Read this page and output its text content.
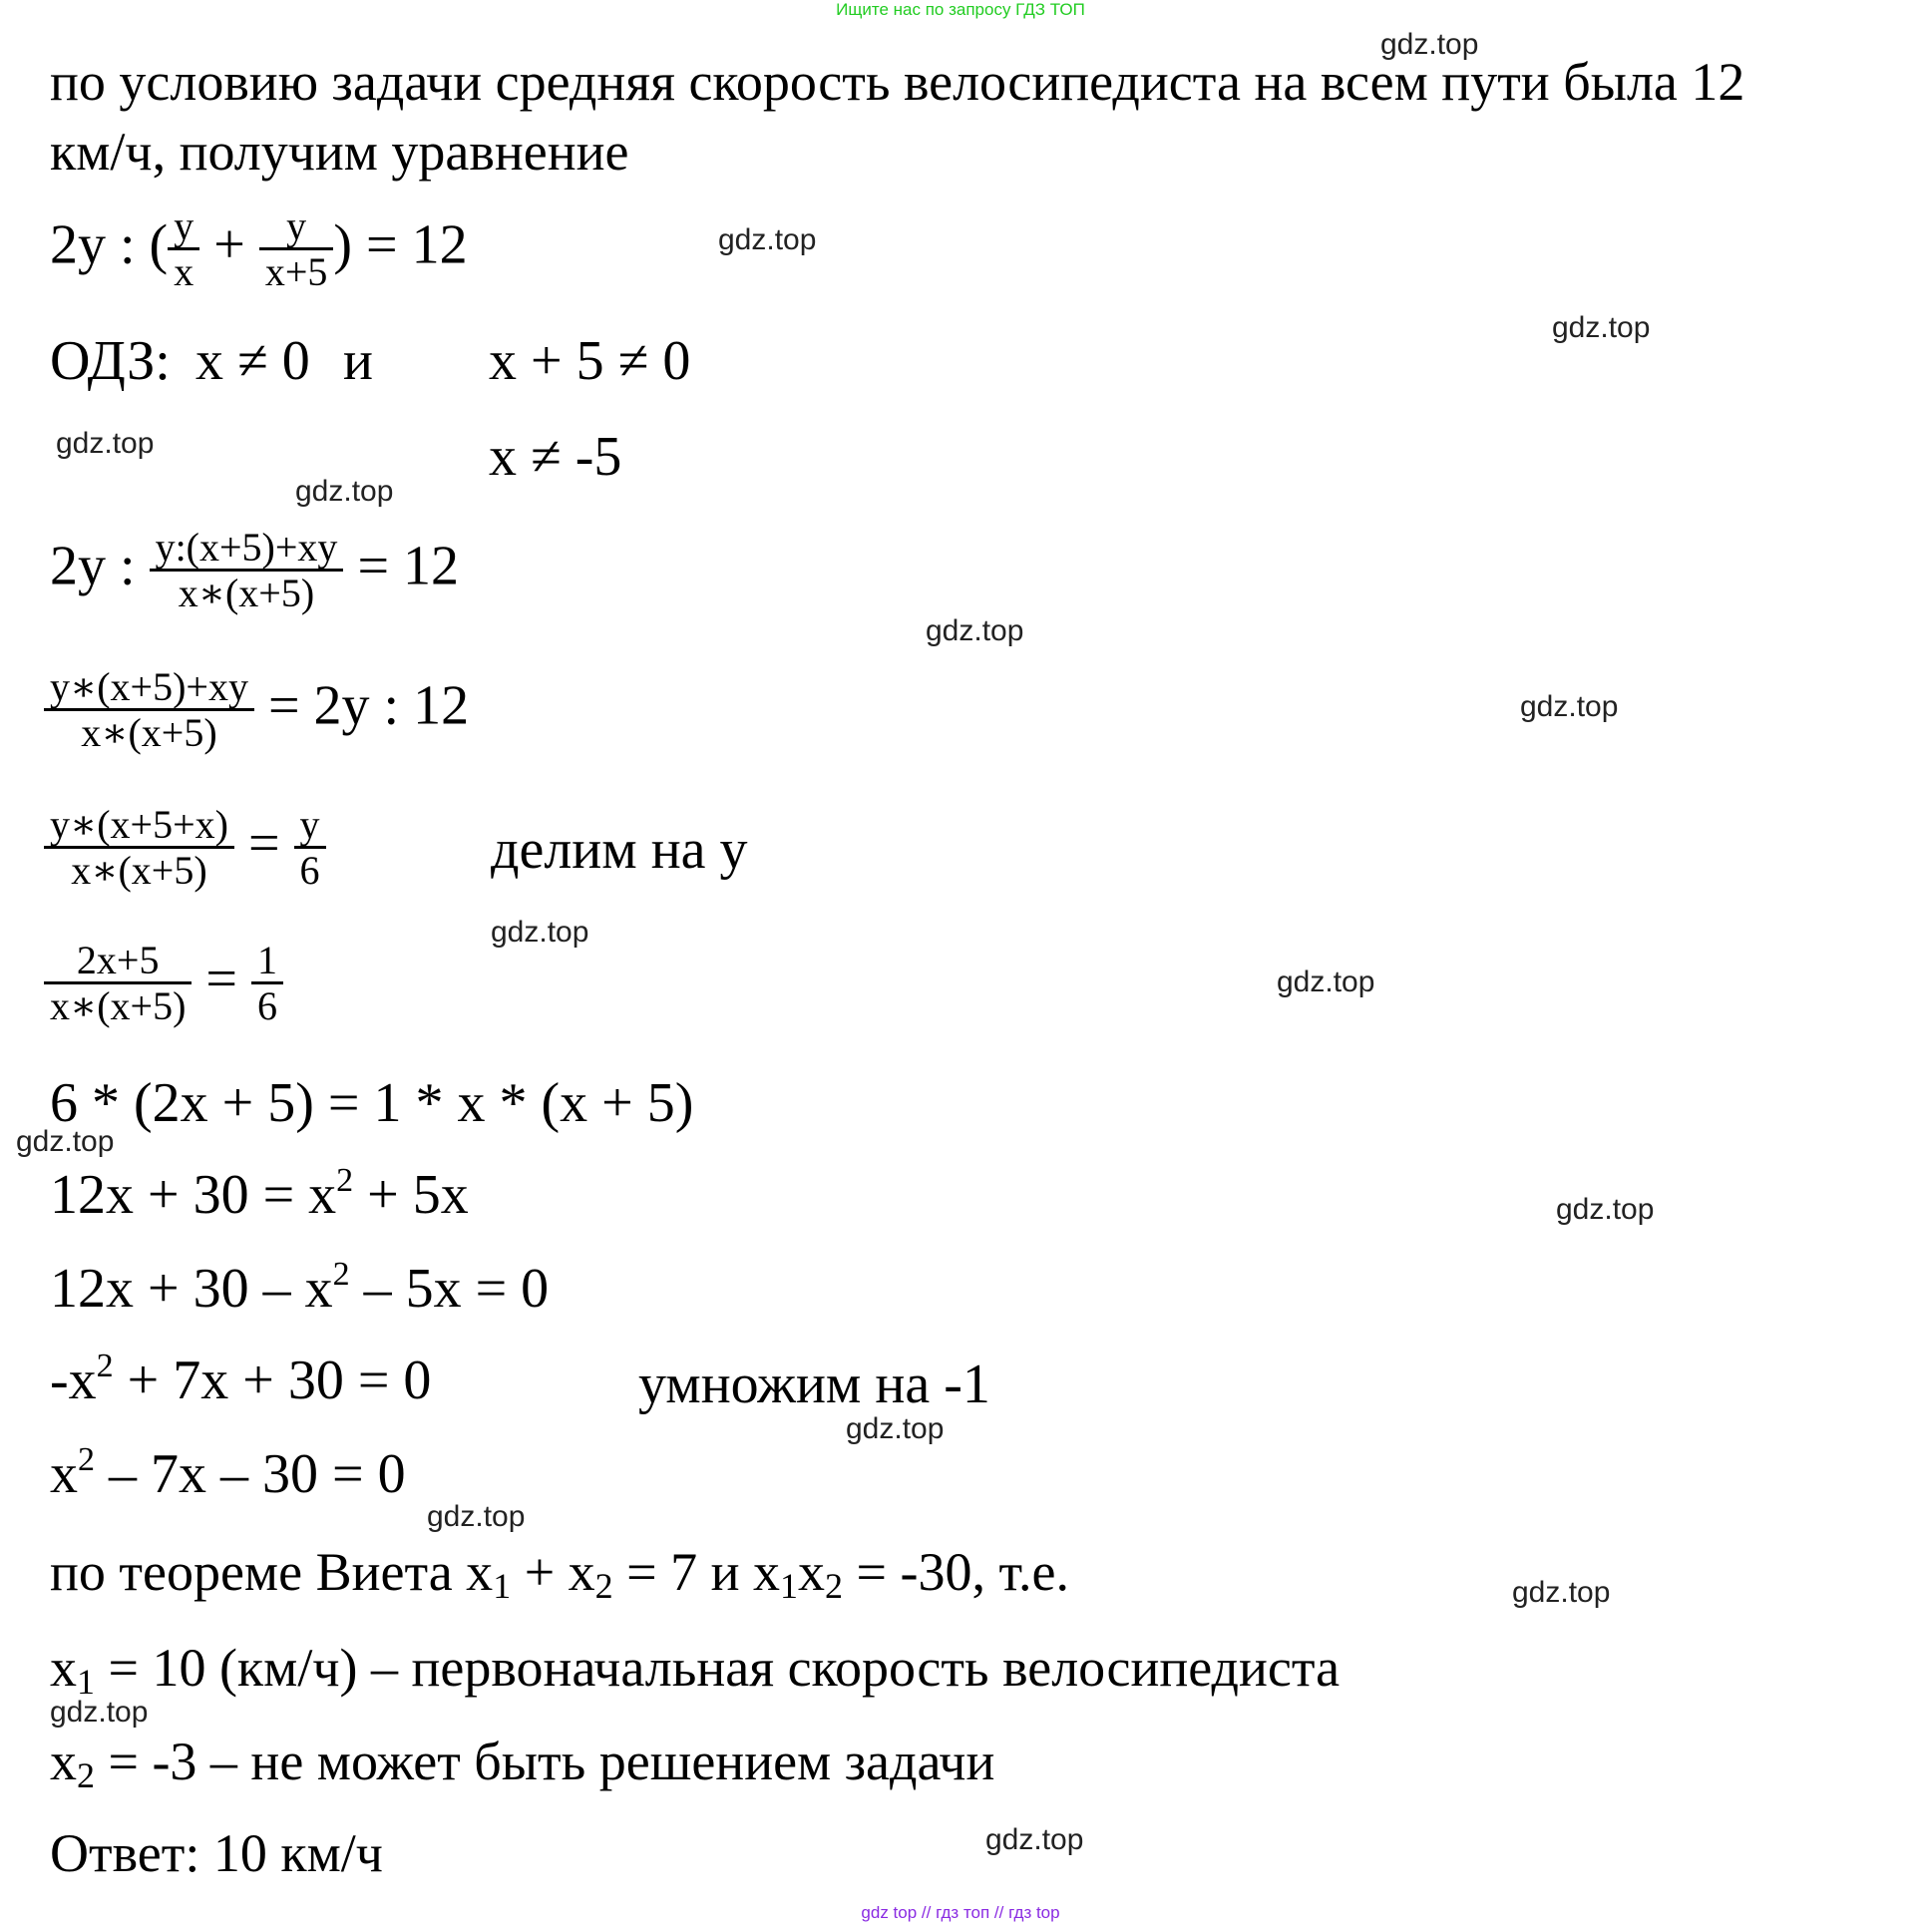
Ищите нас по запросу ГДЗ ТОП
по условию задачи средняя скорость велосипедиста на всем пути была 12
км/ч, получим уравнение
2y : ( $\frac{y}{x} + \frac{y}{x+5}$ ) = 12
ОДЗ: x ≠ 0 и x + 5 ≠ 0
x ≠ -5
2y : $\frac{y:(x+5)+xy}{x∗(x+5)} = 12$
$\frac{y∗(x+5)+xy}{x∗(x+5)} = 2y$ : 12
$\frac{y∗(x+5+x)}{x∗(x+5)} = \frac{y}{6}$	делим на у
$\frac{2x+5}{x∗(x+5)} = \frac{1}{6}$
6 * (2x + 5) = 1 * x * (x + 5)
$12x + 30 = x^2 + 5x$
$12x + 30 - x^2 - 5x = 0$
$-x^2 + 7x + 30 = 0$	умножим на -1
$x^2 - 7x - 30 = 0$
по теореме Виета $x_1 + x_2 = 7$ и $x_1x_2 = -30$, т.е.
$x_1 = 10$ (км/ч) – первоначальная скорость велосипедиста
$x_2 = -3$ – не может быть решением задачи
Ответ: 10 км/ч
gdz.top
gdz.top
gdz.top
gdz.top
gdz.top
gdz.top
gdz.top
gdz.top
gdz.top
gdz.top
gdz.top
gdz.top
gdz.top
gdz.top
gdz.top
gdz.top
gdz top // гдз топ // гдз top
